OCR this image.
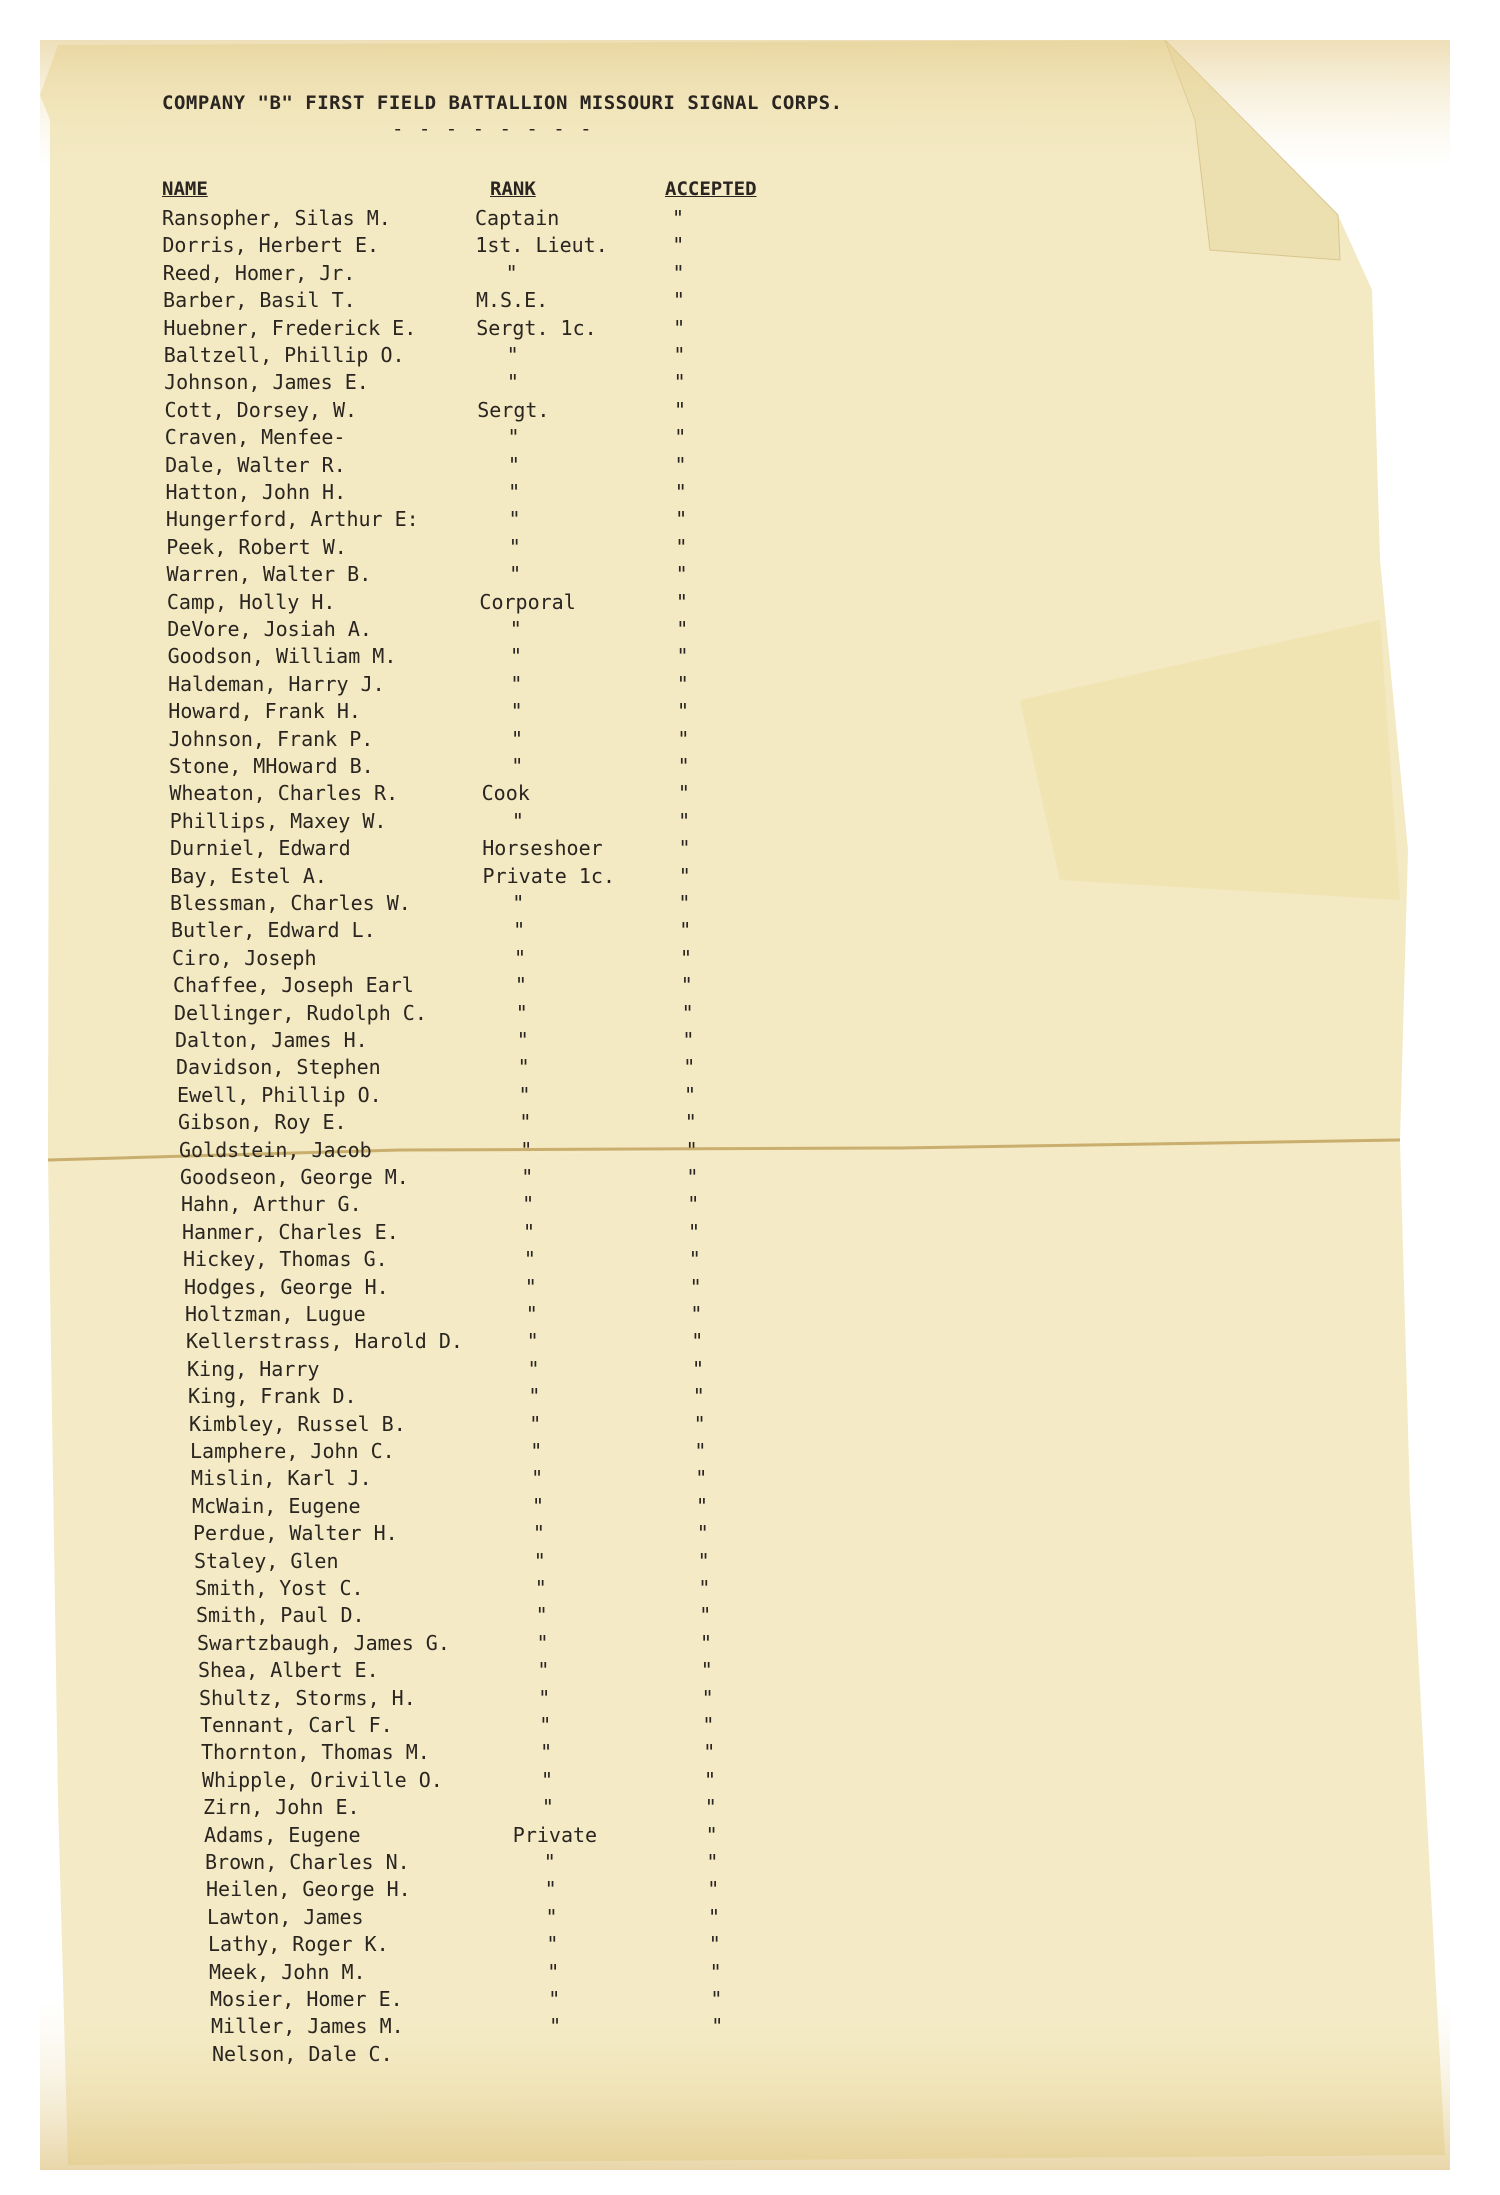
COMPANY "B" FIRST FIELD BATTALLION MISSOURI SIGNAL CORPS.
- - - - - - - -
NAME	RANK	ACCEPTED
Ransopher, Silas M.	Captain	"
Dorris, Herbert E.	1st. Lieut.	"
Reed, Homer, Jr.	"	"
Barber, Basil T.	M.S.E.	"
Huebner, Frederick E.	Sergt. 1c.	"
Baltzell, Phillip O.	"	"
Johnson, James E.	"	"
Cott, Dorsey, W.	Sergt.	"
Craven, Menfee-	"	"
Dale, Walter R.	"	"
Hatton, John H.	"	"
Hungerford, Arthur E:	"	"
Peek, Robert W.	"	"
Warren, Walter B.	"	"
Camp, Holly H.	Corporal	"
DeVore, Josiah A.	"	"
Goodson, William M.	"	"
Haldeman, Harry J.	"	"
Howard, Frank H.	"	"
Johnson, Frank P.	"	"
Stone, MHoward B.	"	"
Wheaton, Charles R.	Cook	"
Phillips, Maxey W.	"	"
Durniel, Edward	Horseshoer	"
Bay, Estel A.	Private 1c.	"
Blessman, Charles W.	"	"
Butler, Edward L.	"	"
Ciro, Joseph	"	"
Chaffee, Joseph Earl	"	"
Dellinger, Rudolph C.	"	"
Dalton, James H.	"	"
Davidson, Stephen	"	"
Ewell, Phillip O.	"	"
Gibson, Roy E.	"	"
Goldstein, Jacob	"	"
Goodseon, George M.	"	"
Hahn, Arthur G.	"	"
Hanmer, Charles E.	"	"
Hickey, Thomas G.	"	"
Hodges, George H.	"	"
Holtzman, Lugue	"	"
Kellerstrass, Harold D.	"	"
King, Harry	"	"
King, Frank D.	"	"
Kimbley, Russel B.	"	"
Lamphere, John C.	"	"
Mislin, Karl J.	"	"
McWain, Eugene	"	"
Perdue, Walter H.	"	"
Staley, Glen	"	"
Smith, Yost C.	"	"
Smith, Paul D.	"	"
Swartzbaugh, James G.	"	"
Shea, Albert E.	"	"
Shultz, Storms, H.	"	"
Tennant, Carl F.	"	"
Thornton, Thomas M.	"	"
Whipple, Oriville O.	"	"
Zirn, John E.	"	"
Adams, Eugene	Private	"
Brown, Charles N.	"	"
Heilen, George H.	"	"
Lawton, James	"	"
Lathy, Roger K.	"	"
Meek, John M.	"	"
Mosier, Homer E.	"	"
Miller, James M.	"	"
Nelson, Dale C.
